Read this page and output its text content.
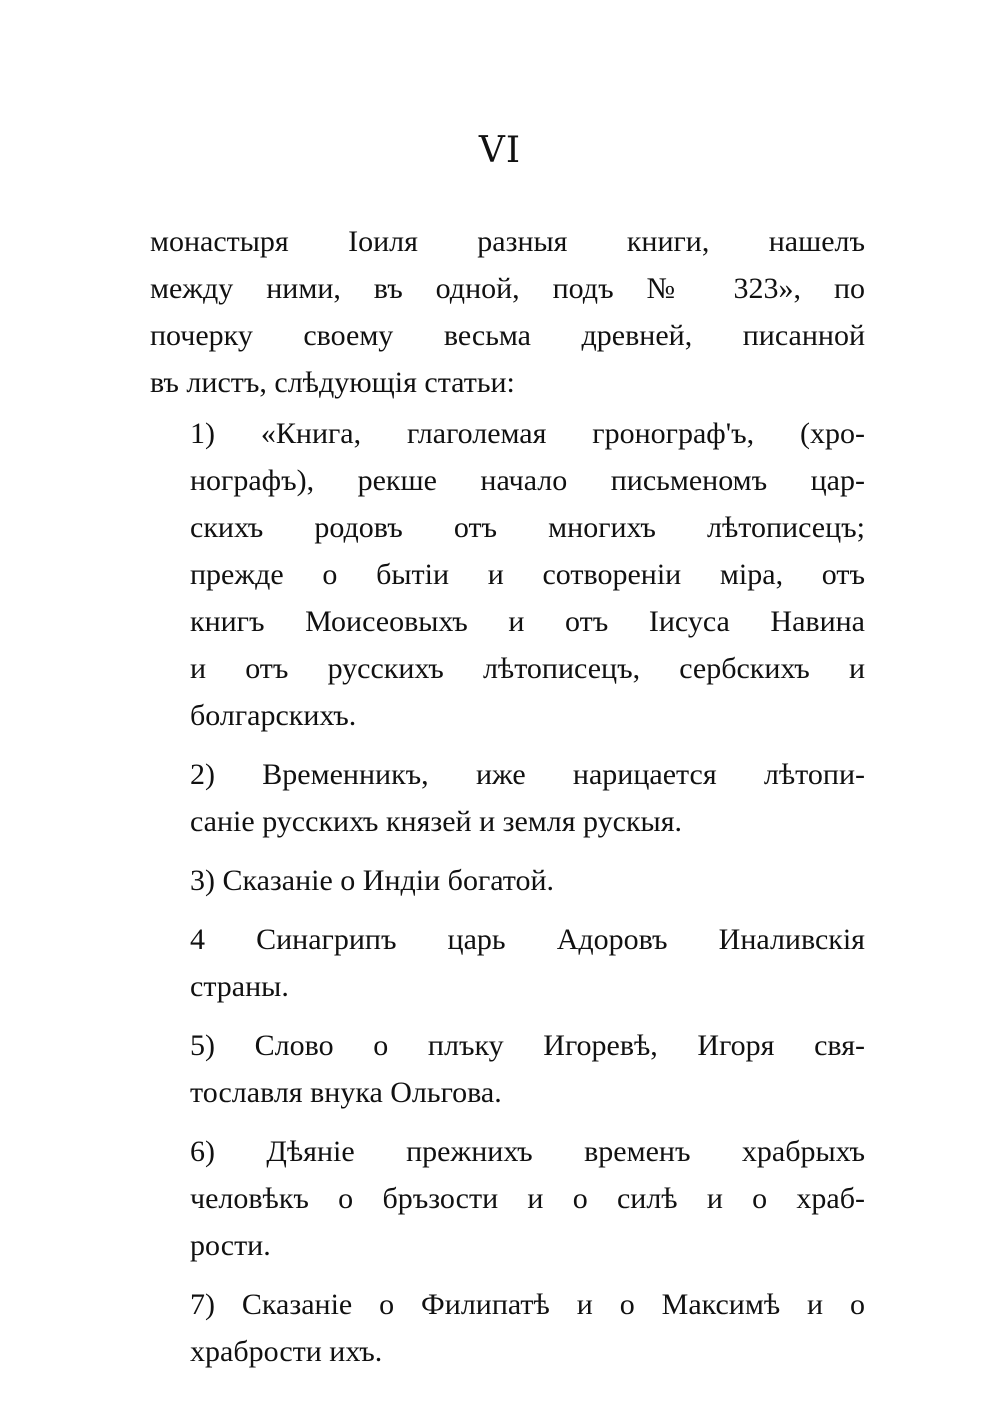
VI
монастыря Іоиля разныя книги, нашелъ
между ними, въ одной, подъ № 323», по
почерку своему весьма древней, писанной
въ листъ, слѣдующія статьи:
1) «Книга, глаголемая гронограф'ъ, (хро-
нографъ), рекше начало письменомъ цар-
скихъ родовъ отъ многихъ лѣтописецъ;
прежде о бытіи и сотворенiи міра, отъ
книгъ Моисеовыхъ и отъ Іисуса Навина
и отъ русскихъ лѣтописецъ, сербскихъ и
болгарскихъ.
2) Временникъ, иже нарицается лѣтопи-
саніе русскихъ князей и земля рускыя.
3) Сказаніе о Индіи богатой.
4 Синагрипъ царь Адоровъ Иналивскія
страны.
5) Слово о плъку Игоревѣ, Игоря свя-
тославля внука Ольгова.
6) Дѣяніе прежнихъ временъ храбрыхъ
человѣкъ о бръзости и о силѣ и о храб-
рости.
7) Сказаніе о Филипатѣ и о Максимѣ и о
храбрости ихъ.
